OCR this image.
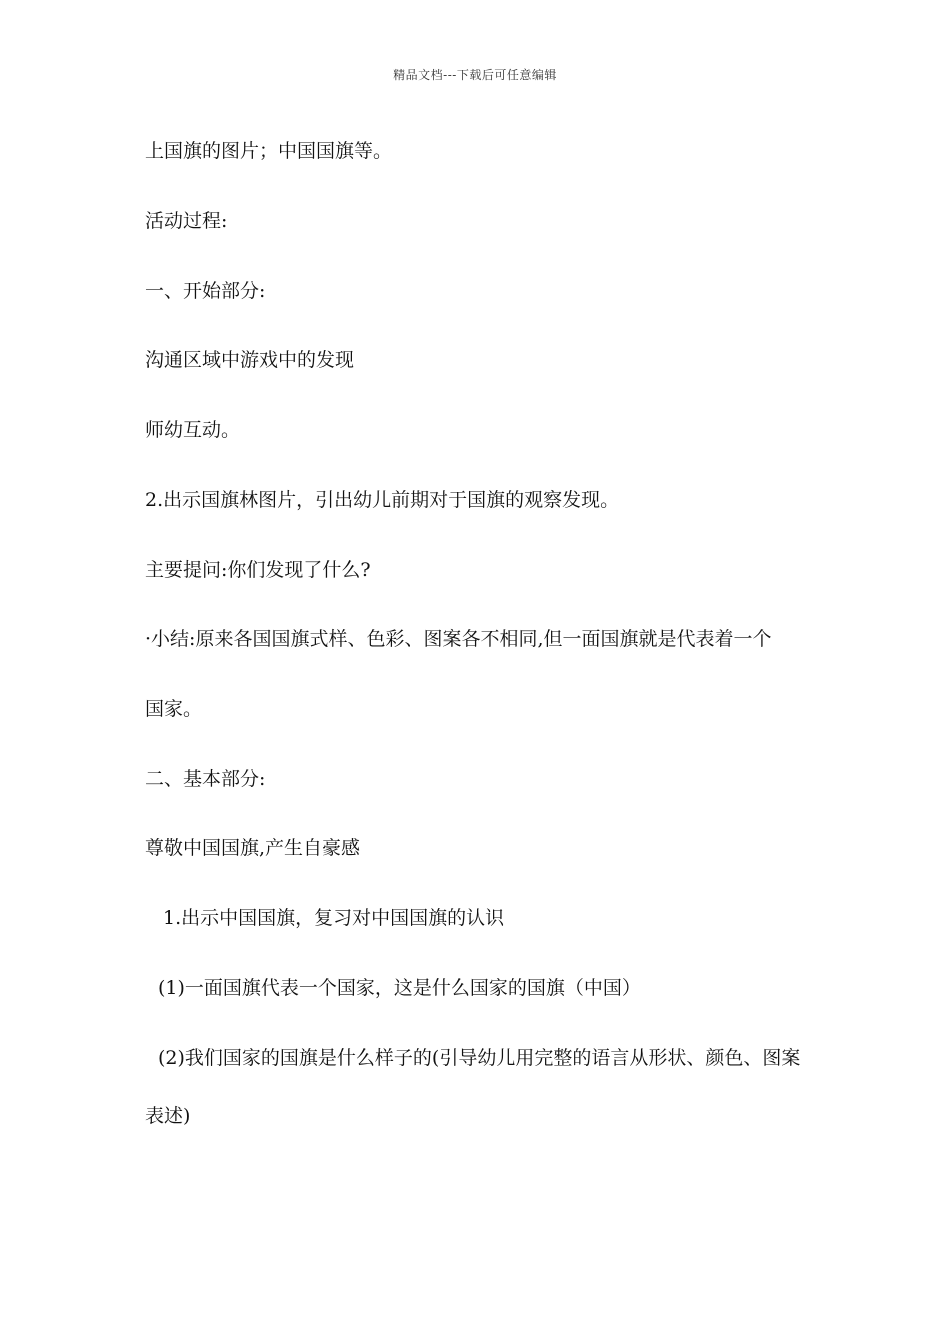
精品文档---下载后可任意编辑
上国旗的图片；中国国旗等。
活动过程:
一、开始部分:
沟通区域中游戏中的发现
师幼互动。
2.出示国旗林图片，引出幼儿前期对于国旗的观察发现。
主要提问:你们发现了什么?
·小结:原来各国国旗式样、色彩、图案各不相同,但一面国旗就是代表着一个
国家。
二、基本部分:
尊敬中国国旗,产生自豪感
1.出示中国国旗，复习对中国国旗的认识
(1)一面国旗代表一个国家，这是什么国家的国旗（中国）
(2)我们国家的国旗是什么样子的(引导幼儿用完整的语言从形状、颜色、图案
表述)
